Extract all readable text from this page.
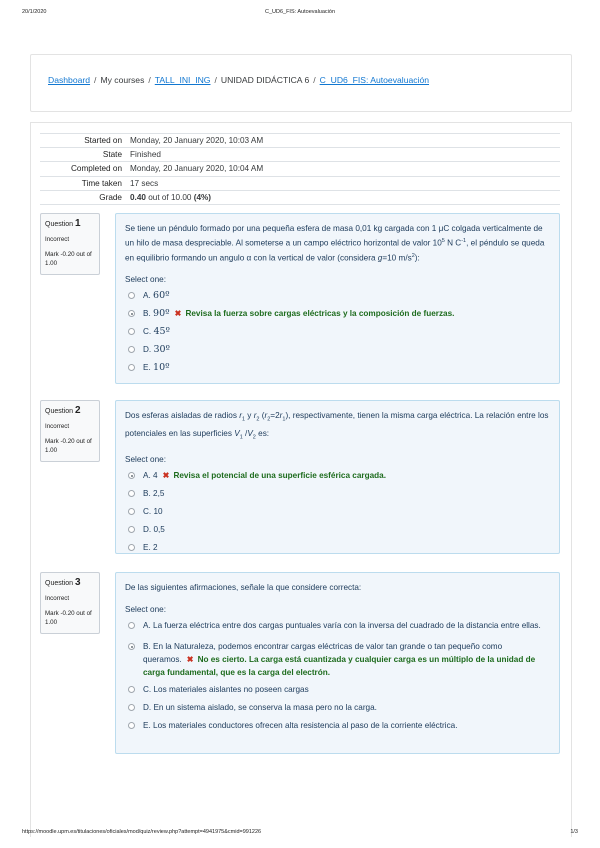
20/1/2020	C_UD6_FIS: Autoevaluación
Dashboard / My courses / TALL_INI_ING / UNIDAD DIDÁCTICA 6 / C_UD6_FIS: Autoevaluación
Started on Monday, 20 January 2020, 10:03 AM
State Finished
Completed on Monday, 20 January 2020, 10:04 AM
Time taken 17 secs
Grade 0.40 out of 10.00 (4%)
Question 1
Incorrect
Mark -0.20 out of 1.00
Se tiene un péndulo formado por una pequeña esfera de masa 0,01 kg cargada con 1 μC colgada verticalmente de un hilo de masa despreciable. Al someterse a un campo eléctrico horizontal de valor $10^5$ N $C^{-1}$, el péndulo se queda en equilibrio formando un angulo α con la vertical de valor (considera g=10 $m/s^2$):
Select one:
A. 60º
B. 90º ✖ Revisa la fuerza sobre cargas eléctricas y la composición de fuerzas.
C. 45º
D. 30º
E. 10º
Question 2
Incorrect
Mark -0.20 out of 1.00
Dos esferas aisladas de radios $r_1$ y $r_2$ $(r_2=2r_1)$, respectivamente, tienen la misma carga eléctrica. La relación entre los potenciales en las superficies $V_1$ $/V_2$ es:
Select one:
A. 4 ✖ Revisa el potencial de una superficie esférica cargada.
B. 2,5
C. 10
D. 0,5
E. 2
Question 3
Incorrect
Mark -0.20 out of 1.00
De las siguientes afirmaciones, señale la que considere correcta:
Select one:
A. La fuerza eléctrica entre dos cargas puntuales varía con la inversa del cuadrado de la distancia entre ellas.
B. En la Naturaleza, podemos encontrar cargas eléctricas de valor tan grande o tan pequeño como queramos. ✖ No es cierto. La carga está cuantizada y cualquier carga es un múltiplo de la unidad de carga fundamental, que es la carga del electrón.
C. Los materiales aislantes no poseen cargas
D. En un sistema aislado, se conserva la masa pero no la carga.
E. Los materiales conductores ofrecen alta resistencia al paso de la corriente eléctrica.
https://moodle.upm.es/titulaciones/oficiales/mod/quiz/review.php?attempt=4941975&cmid=991226	1/3
